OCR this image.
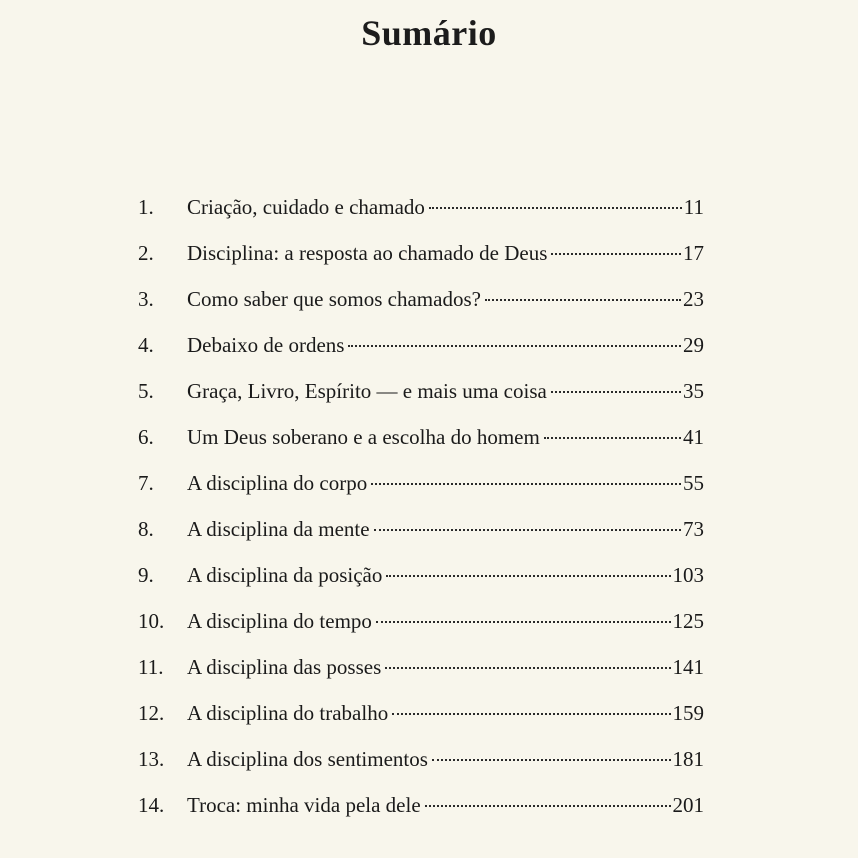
Sumário
1.	Criação, cuidado e chamado	11
2.	Disciplina: a resposta ao chamado de Deus	17
3.	Como saber que somos chamados?	23
4.	Debaixo de ordens	29
5.	Graça, Livro, Espírito — e mais uma coisa	35
6.	Um Deus soberano e a escolha do homem	41
7.	A disciplina do corpo	55
8.	A disciplina da mente	73
9.	A disciplina da posição	103
10.	A disciplina do tempo	125
11.	A disciplina das posses	141
12.	A disciplina do trabalho	159
13.	A disciplina dos sentimentos	181
14.	Troca: minha vida pela dele	201
